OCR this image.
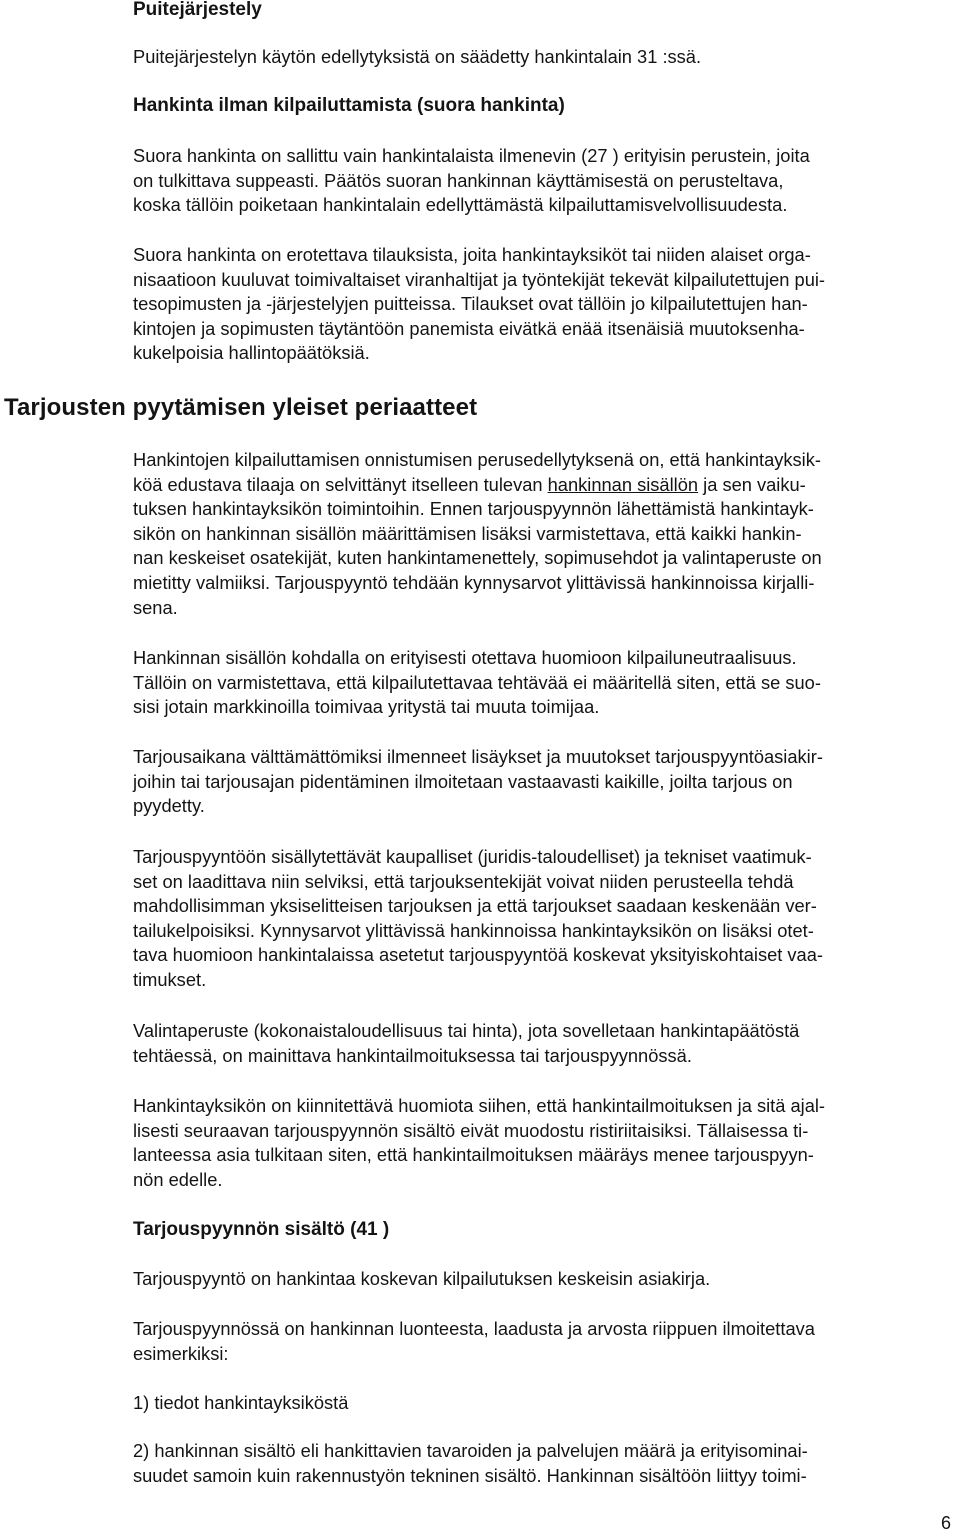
Puitejärjestely

Puitejärjestelyn käytön edellytyksistä on säädetty hankintalain 31 :ssä.

Hankinta ilman kilpailuttamista (suora hankinta)

Suora hankinta on sallittu vain hankintalaista ilmenevin (27 ) erityisin perustein, joita
on tulkittava suppeasti. Päätös suoran hankinnan käyttämisestä on perusteltava,
koska tällöin poiketaan hankintalain edellyttämästä kilpailuttamisvelvollisuudesta.

Suora hankinta on erotettava tilauksista, joita hankintayksiköt tai niiden alaiset orga-
nisaatioon kuuluvat toimivaltaiset viranhaltijat ja työntekijät tekevät kilpailutettujen pui-
tesopimusten ja -järjestelyjen puitteissa. Tilaukset ovat tällöin jo kilpailutettujen han-
kintojen ja sopimusten täytäntöön panemista eivätkä enää itsenäisiä muutoksenha-
kukelpoisia hallintopäätöksiä.

Tarjousten pyytämisen yleiset periaatteet

Hankintojen kilpailuttamisen onnistumisen perusedellytyksenä on, että hankintayksik-
köä edustava tilaaja on selvittänyt itselleen tulevan hankinnan sisällön ja sen vaiku-
tuksen hankintayksikön toimintoihin. Ennen tarjouspyynnön lähettämistä hankintayk-
sikön on hankinnan sisällön määrittämisen lisäksi varmistettava, että kaikki hankin-
nan keskeiset osatekijät, kuten hankintamenettely, sopimusehdot ja valintaperuste on
mietitty valmiiksi. Tarjouspyyntö tehdään kynnysarvot ylittävissä hankinnoissa kirjalli-
sena.

Hankinnan sisällön kohdalla on erityisesti otettava huomioon kilpailuneutraalisuus.
Tällöin on varmistettava, että kilpailutettavaa tehtävää ei määritellä siten, että se suo-
sisi jotain markkinoilla toimivaa yritystä tai muuta toimijaa.

Tarjousaikana välttämättömiksi ilmenneet lisäykset ja muutokset tarjouspyyntöasiakir-
joihin tai tarjousajan pidentäminen ilmoitetaan vastaavasti kaikille, joilta tarjous on
pyydetty.

Tarjouspyyntöön sisällytettävät kaupalliset (juridis-taloudelliset) ja tekniset vaatimuk-
set on laadittava niin selviksi, että tarjouksentekijät voivat niiden perusteella tehdä
mahdollisimman yksiselitteisen tarjouksen ja että tarjoukset saadaan keskenään ver-
tailukelpoisiksi. Kynnysarvot ylittävissä hankinnoissa hankintayksikön on lisäksi otet-
tava huomioon hankintalaissa asetetut tarjouspyyntöä koskevat yksityiskohtaiset vaa-
timukset.

Valintaperuste (kokonaistaloudellisuus tai hinta), jota sovelletaan hankintapäätöstä
tehtäessä, on mainittava hankintailmoituksessa tai tarjouspyynnössä.

Hankintayksikön on kiinnitettävä huomiota siihen, että hankintailmoituksen ja sitä ajal-
lisesti seuraavan tarjouspyynnön sisältö eivät muodostu ristiriitaisiksi. Tällaisessa ti-
lanteessa asia tulkitaan siten, että hankintailmoituksen määräys menee tarjouspyyn-
nön edelle.

Tarjouspyynnön sisältö (41 )

Tarjouspyyntö on hankintaa koskevan kilpailutuksen keskeisin asiakirja.

Tarjouspyynnössä on hankinnan luonteesta, laadusta ja arvosta riippuen ilmoitettava
esimerkiksi:

1) tiedot hankintayksiköstä

2) hankinnan sisältö eli hankittavien tavaroiden ja palvelujen määrä ja erityisominai-
suudet samoin kuin rakennustyön tekninen sisältö. Hankinnan sisältöön liittyy toimi-

6
